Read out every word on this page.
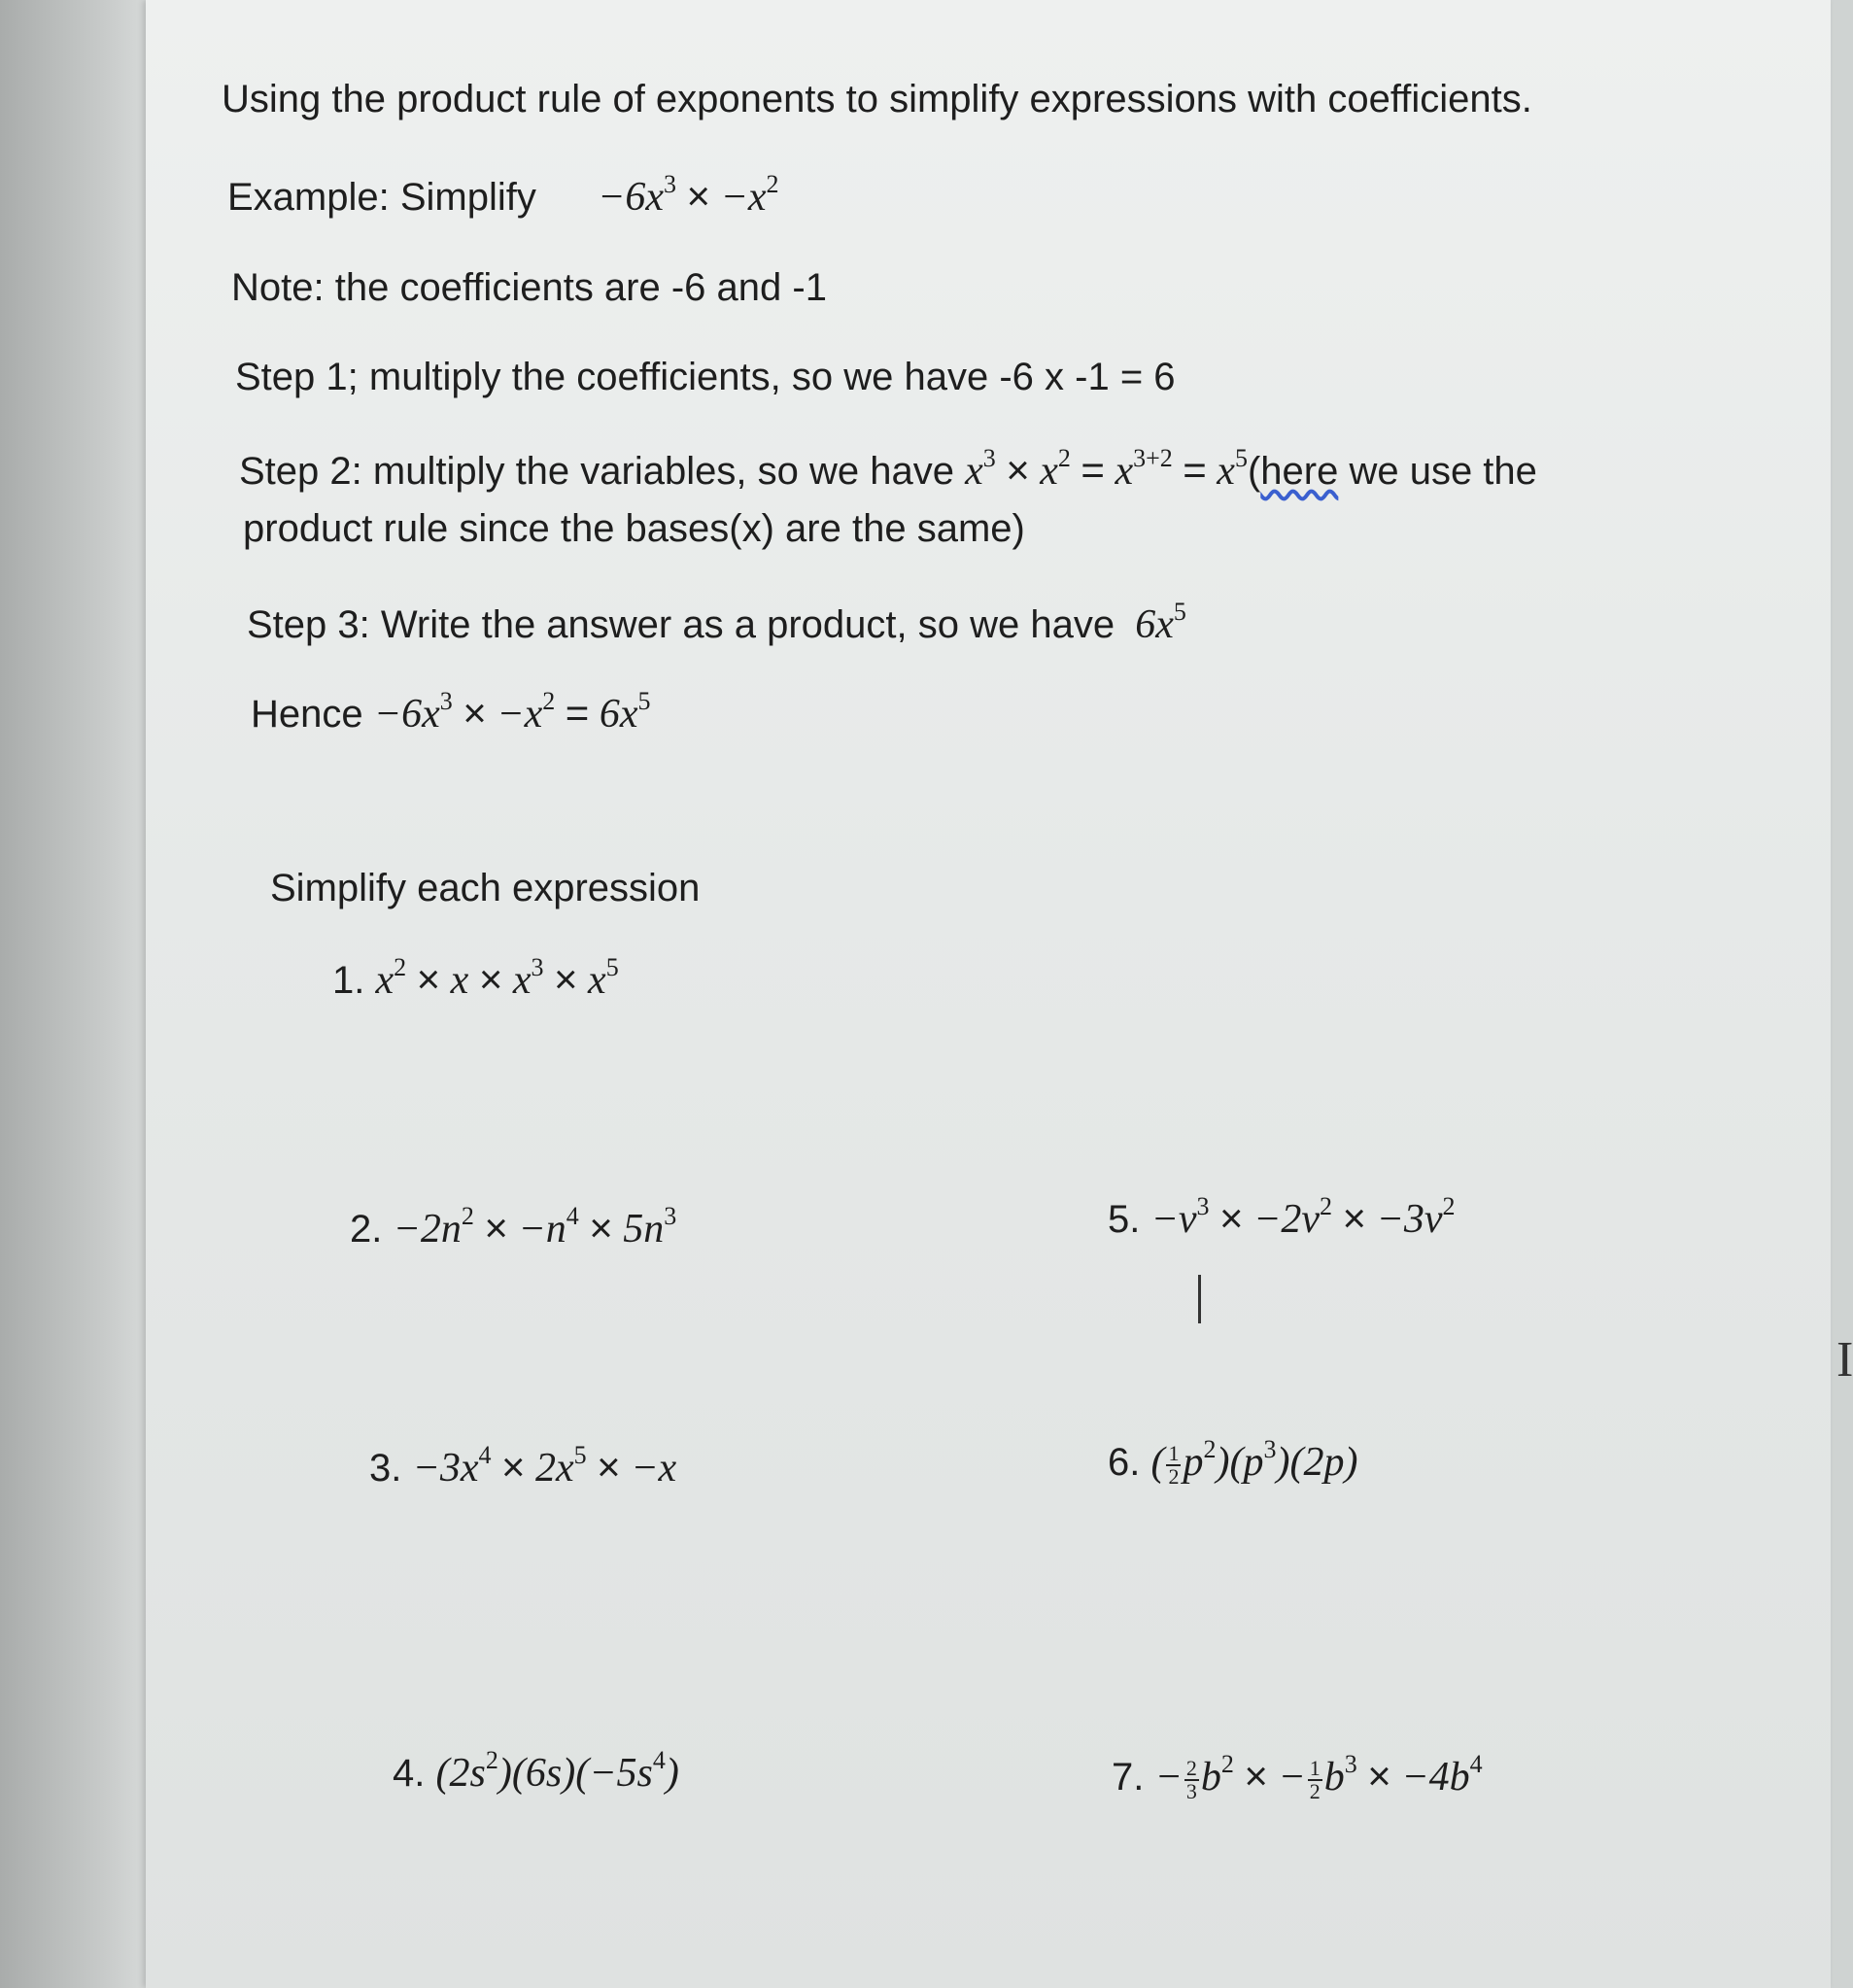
Using the product rule of exponents to simplify expressions with coefficients.
Example: Simplify $-6x^3 \times -x^2$
Note: the coefficients are -6 and -1
Step 1; multiply the coefficients, so we have -6 x -1 = 6
Step 2: multiply the variables, so we have $x^3 \times x^2 = x^{3+2}$ = $x^5(here$ we use the
product rule since the bases(x) are the same)
Step 3: Write the answer as a product, so we have $6x^5$
Hence $-6x^3 \times -x^2 = 6x^5$
Simplify each expression
1. $x^2 \times x \times x^3 \times x^5$
2. $-2n^2 \times -n^4 \times 5n^3$	5. $-v^3 \times -2v^2 \times -3v^2$
3. $-3x^4 \times 2x^5 \times -x$	6. ( $\frac{1}{2} p^2)(p^3)(2p)$
4. $(2s^2)(6s)(-5s^4)$	7. − $\frac{2}{3} b^2$ × − $\frac{1}{2} b^3 \times -4b^4$
I
